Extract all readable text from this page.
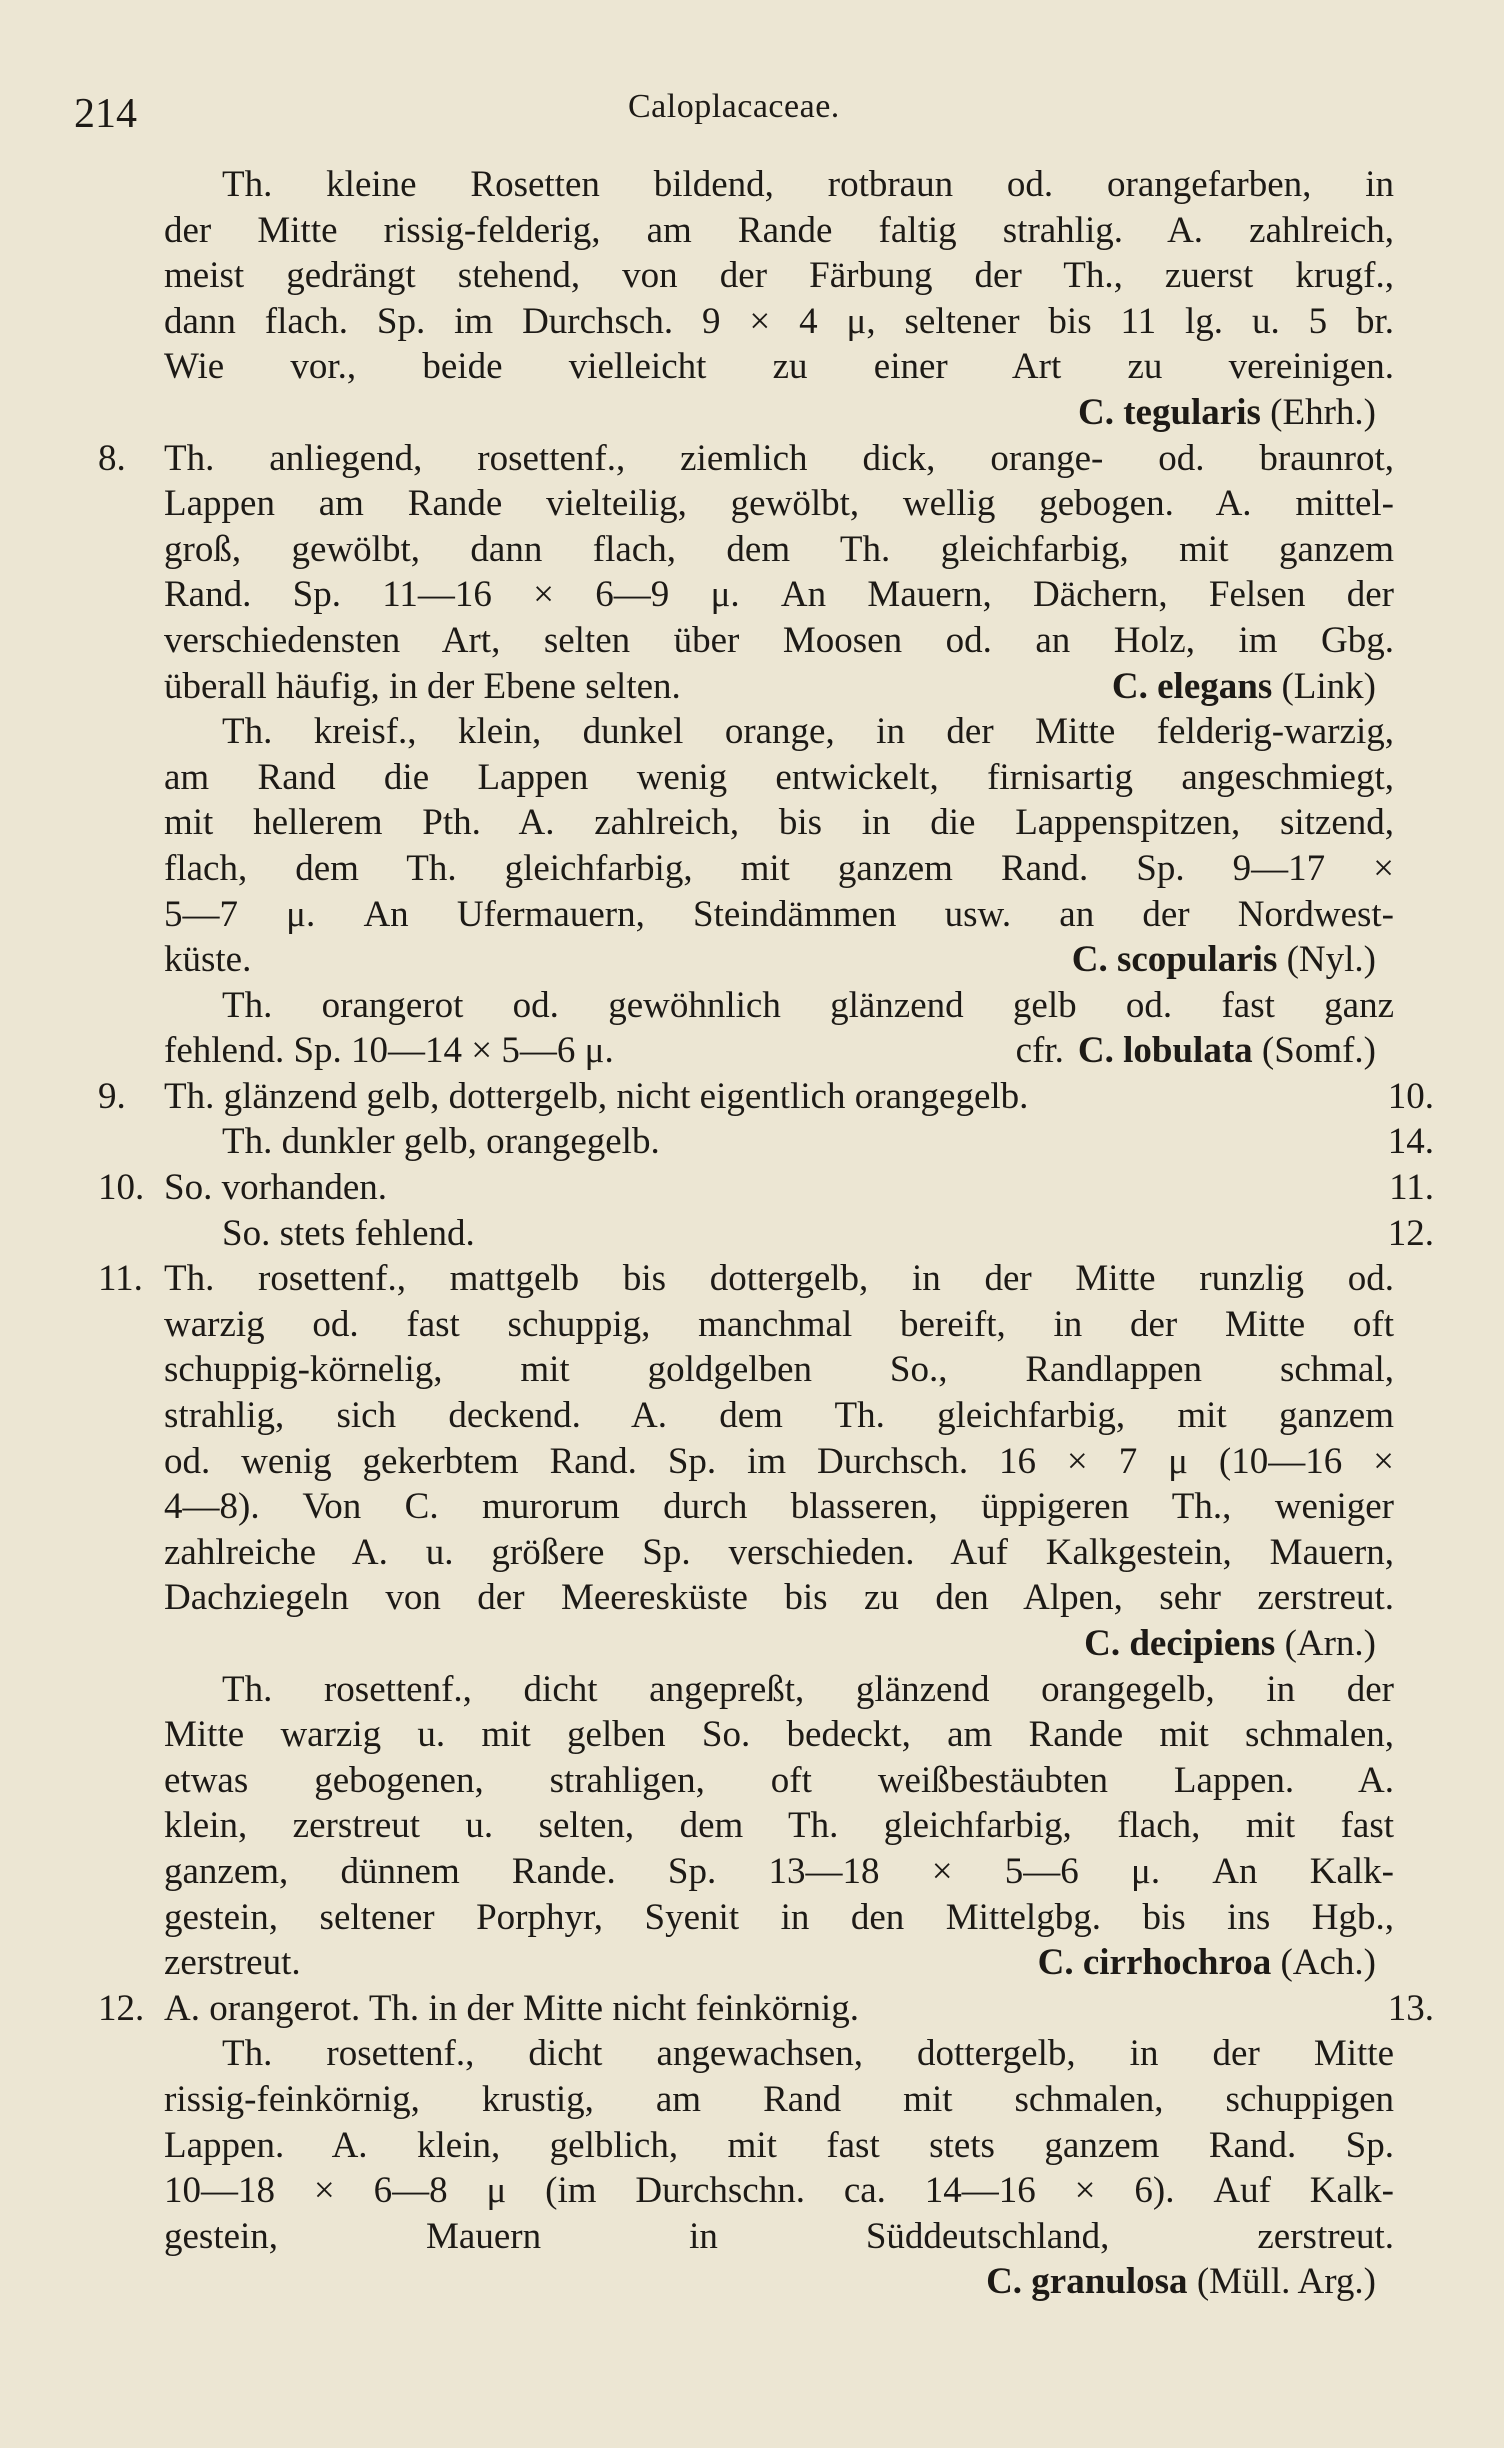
214	Caloplacaceae.
Th. kleine Rosetten bildend, rotbraun od. orangefarben, in
der Mitte rissig-felderig, am Rande faltig strahlig. A. zahlreich,
meist gedrängt stehend, von der Färbung der Th., zuerst krugf.,
dann flach. Sp. im Durchsch. 9 × 4 μ, seltener bis 11 lg. u. 5 br.
Wie vor., beide vielleicht zu einer Art zu vereinigen.
C. tegularis (Ehrh.)
8.	Th. anliegend, rosettenf., ziemlich dick, orange- od. braunrot,
Lappen am Rande vielteilig, gewölbt, wellig gebogen. A. mittel-
groß, gewölbt, dann flach, dem Th. gleichfarbig, mit ganzem
Rand. Sp. 11—16 × 6—9 μ. An Mauern, Dächern, Felsen der
verschiedensten Art, selten über Moosen od. an Holz, im Gbg.
überall häufig, in der Ebene selten.	C. elegans (Link)
Th. kreisf., klein, dunkel orange, in der Mitte felderig-warzig,
am Rand die Lappen wenig entwickelt, firnisartig angeschmiegt,
mit hellerem Pth. A. zahlreich, bis in die Lappenspitzen, sitzend,
flach, dem Th. gleichfarbig, mit ganzem Rand. Sp. 9—17 ×
5—7 μ. An Ufermauern, Steindämmen usw. an der Nordwest-
küste.	C. scopularis (Nyl.)
Th. orangerot od. gewöhnlich glänzend gelb od. fast ganz
fehlend. Sp. 10—14 × 5—6 μ.	cfr. C. lobulata (Somf.)
9.	Th. glänzend gelb, dottergelb, nicht eigentlich orangegelb.	10.
Th. dunkler gelb, orangegelb.	14.
10. So. vorhanden.	11.
So. stets fehlend.	12.
11. Th. rosettenf., mattgelb bis dottergelb, in der Mitte runzlig od.
warzig od. fast schuppig, manchmal bereift, in der Mitte oft
schuppig-körnelig, mit goldgelben So., Randlappen schmal,
strahlig, sich deckend. A. dem Th. gleichfarbig, mit ganzem
od. wenig gekerbtem Rand. Sp. im Durchsch. 16 × 7 μ (10—16 ×
4—8). Von C. murorum durch blasseren, üppigeren Th., weniger
zahlreiche A. u. größere Sp. verschieden. Auf Kalkgestein, Mauern,
Dachziegeln von der Meeresküste bis zu den Alpen, sehr zerstreut.
C. decipiens (Arn.)
Th. rosettenf., dicht angepreßt, glänzend orangegelb, in der
Mitte warzig u. mit gelben So. bedeckt, am Rande mit schmalen,
etwas gebogenen, strahligen, oft weißbestäubten Lappen. A.
klein, zerstreut u. selten, dem Th. gleichfarbig, flach, mit fast
ganzem, dünnem Rande. Sp. 13—18 × 5—6 μ. An Kalk-
gestein, seltener Porphyr, Syenit in den Mittelgbg. bis ins Hgb.,
zerstreut.	C. cirrhochroa (Ach.)
12. A. orangerot. Th. in der Mitte nicht feinkörnig.	13.
Th. rosettenf., dicht angewachsen, dottergelb, in der Mitte
rissig-feinkörnig, krustig, am Rand mit schmalen, schuppigen
Lappen. A. klein, gelblich, mit fast stets ganzem Rand. Sp.
10—18 × 6—8 μ (im Durchschn. ca. 14—16 × 6). Auf Kalk-
gestein, Mauern in Süddeutschland, zerstreut.
C. granulosa (Müll. Arg.)
